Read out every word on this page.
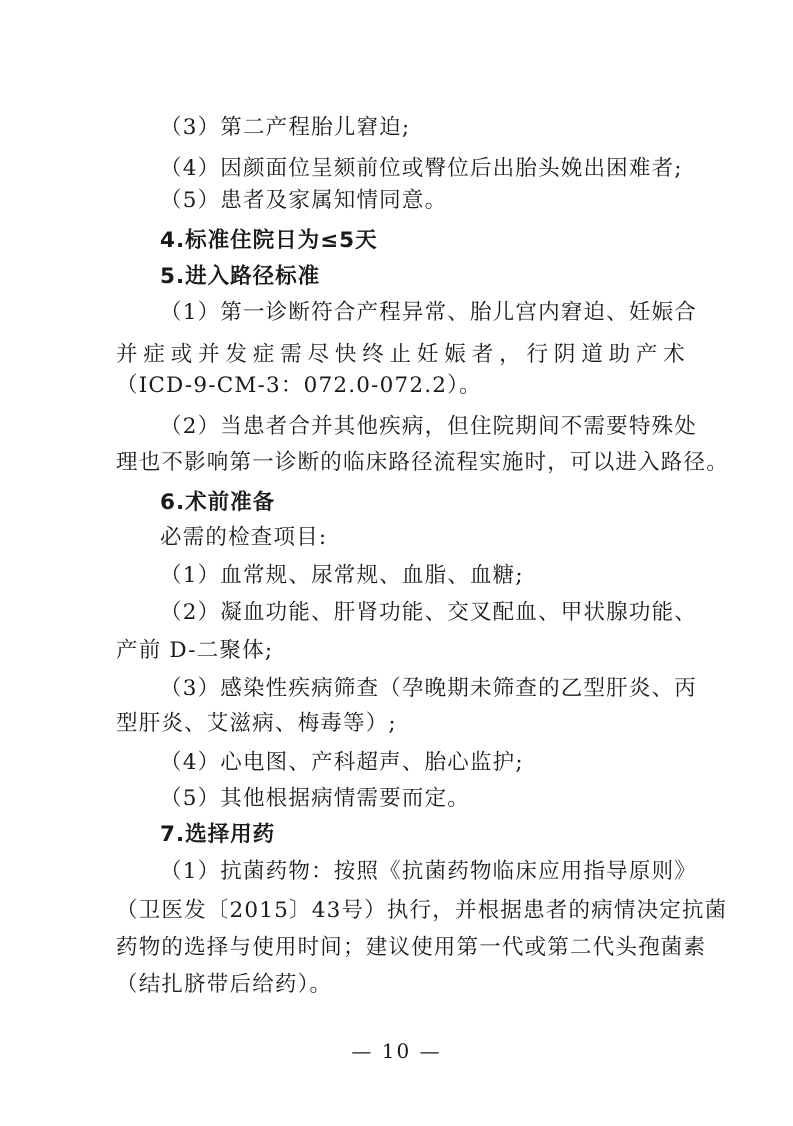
（3）第二产程胎儿窘迫;
（4）因颜面位呈颏前位或臀位后出胎头娩出困难者;
（5）患者及家属知情同意。
4.标准住院日为≤5天
5.进入路径标准
（1）第一诊断符合产程异常、胎儿宫内窘迫、妊娠合
并症或并发症需尽快终止妊娠者，行阴道助产术
（ICD-9-CM-3：072.0-072.2）。
（2）当患者合并其他疾病，但住院期间不需要特殊处
理也不影响第一诊断的临床路径流程实施时，可以进入路径。
6.术前准备
必需的检查项目:
（1）血常规、尿常规、血脂、血糖;
（2）凝血功能、肝肾功能、交叉配血、甲状腺功能、
产前 D-二聚体;
（3）感染性疾病筛查（孕晚期未筛查的乙型肝炎、丙
型肝炎、艾滋病、梅毒等）;
（4）心电图、产科超声、胎心监护;
（5）其他根据病情需要而定。
7.选择用药
（1）抗菌药物：按照《抗菌药物临床应用指导原则》
（卫医发〔2015〕43号）执行，并根据患者的病情决定抗菌
药物的选择与使用时间；建议使用第一代或第二代头孢菌素
（结扎脐带后给药）。
— 10 —
